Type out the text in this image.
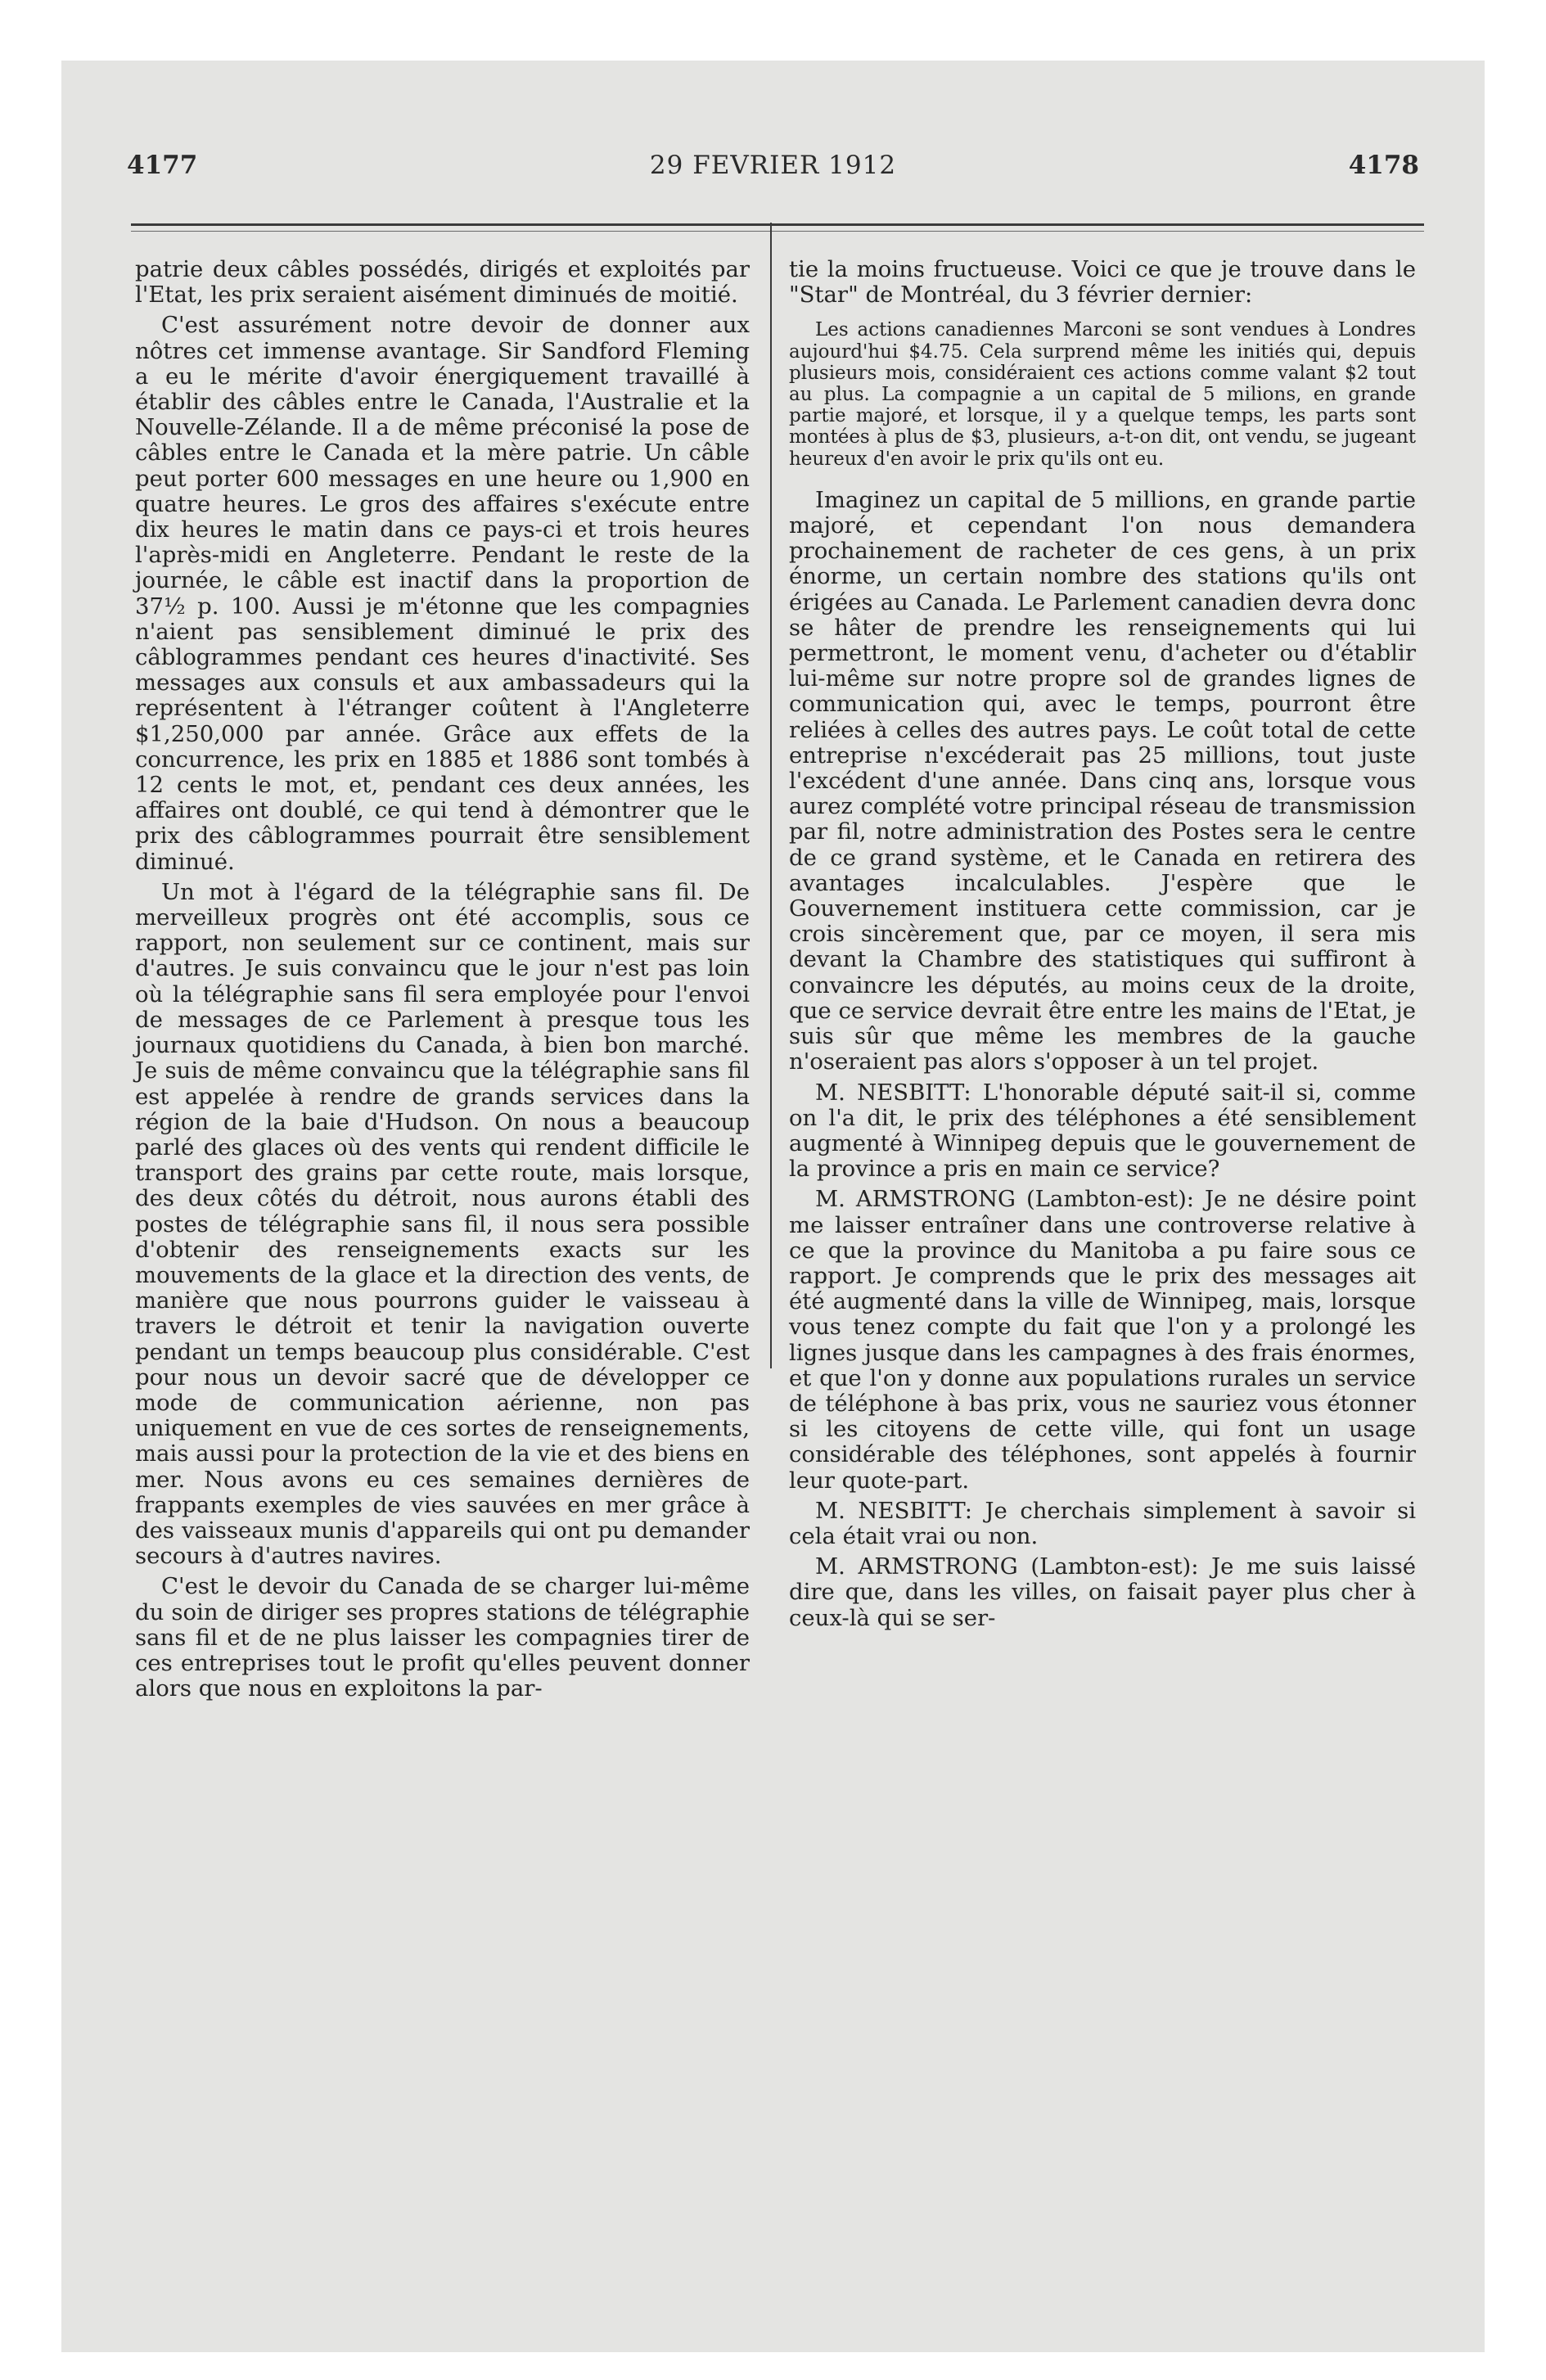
4177	29 FEVRIER 1912	4178

patrie deux câbles possédés, dirigés et exploités par l'Etat, les prix seraient aisément diminués de moitié.

C'est assurément notre devoir de donner aux nôtres cet immense avantage. Sir Sandford Fleming a eu le mérite d'avoir énergiquement travaillé à établir des câbles entre le Canada, l'Australie et la Nouvelle-Zélande. Il a de même préconisé la pose de câbles entre le Canada et la mère patrie. Un câble peut porter 600 messages en une heure ou 1,900 en quatre heures. Le gros des affaires s'exécute entre dix heures le matin dans ce pays-ci et trois heures l'après-midi en Angleterre. Pendant le reste de la journée, le câble est inactif dans la proportion de 37½ p. 100. Aussi je m'étonne que les compagnies n'aient pas sensiblement diminué le prix des câblogrammes pendant ces heures d'inactivité. Ses messages aux consuls et aux ambassadeurs qui la représentent à l'étranger coûtent à l'Angleterre $1,250,000 par année. Grâce aux effets de la concurrence, les prix en 1885 et 1886 sont tombés à 12 cents le mot, et, pendant ces deux années, les affaires ont doublé, ce qui tend à démontrer que le prix des câblogrammes pourrait être sensiblement diminué.

Un mot à l'égard de la télégraphie sans fil. De merveilleux progrès ont été accomplis, sous ce rapport, non seulement sur ce continent, mais sur d'autres. Je suis convaincu que le jour n'est pas loin où la télégraphie sans fil sera employée pour l'envoi de messages de ce Parlement à presque tous les journaux quotidiens du Canada, à bien bon marché. Je suis de même convaincu que la télégraphie sans fil est appelée à rendre de grands services dans la région de la baie d'Hudson. On nous a beaucoup parlé des glaces où des vents qui rendent difficile le transport des grains par cette route, mais lorsque, des deux côtés du détroit, nous aurons établi des postes de télégraphie sans fil, il nous sera possible d'obtenir des renseignements exacts sur les mouvements de la glace et la direction des vents, de manière que nous pourrons guider le vaisseau à travers le détroit et tenir la navigation ouverte pendant un temps beaucoup plus considérable. C'est pour nous un devoir sacré que de développer ce mode de communication aérienne, non pas uniquement en vue de ces sortes de renseignements, mais aussi pour la protection de la vie et des biens en mer. Nous avons eu ces semaines dernières de frappants exemples de vies sauvées en mer grâce à des vaisseaux munis d'appareils qui ont pu demander secours à d'autres navires.

C'est le devoir du Canada de se charger lui-même du soin de diriger ses propres stations de télégraphie sans fil et de ne plus laisser les compagnies tirer de ces entreprises tout le profit qu'elles peuvent donner alors que nous en exploitons la par-

tie la moins fructueuse. Voici ce que je trouve dans le "Star" de Montréal, du 3 février dernier:

Les actions canadiennes Marconi se sont vendues à Londres aujourd'hui $4.75. Cela surprend même les initiés qui, depuis plusieurs mois, considéraient ces actions comme valant $2 tout au plus. La compagnie a un capital de 5 milions, en grande partie majoré, et lorsque, il y a quelque temps, les parts sont montées à plus de $3, plusieurs, a-t-on dit, ont vendu, se jugeant heureux d'en avoir le prix qu'ils ont eu.

Imaginez un capital de 5 millions, en grande partie majoré, et cependant l'on nous demandera prochainement de racheter de ces gens, à un prix énorme, un certain nombre des stations qu'ils ont érigées au Canada. Le Parlement canadien devra donc se hâter de prendre les renseignements qui lui permettront, le moment venu, d'acheter ou d'établir lui-même sur notre propre sol de grandes lignes de communication qui, avec le temps, pourront être reliées à celles des autres pays. Le coût total de cette entreprise n'excéderait pas 25 millions, tout juste l'excédent d'une année. Dans cinq ans, lorsque vous aurez complété votre principal réseau de transmission par fil, notre administration des Postes sera le centre de ce grand système, et le Canada en retirera des avantages incalculables. J'espère que le Gouvernement instituera cette commission, car je crois sincèrement que, par ce moyen, il sera mis devant la Chambre des statistiques qui suffiront à convaincre les députés, au moins ceux de la droite, que ce service devrait être entre les mains de l'Etat, je suis sûr que même les membres de la gauche n'oseraient pas alors s'opposer à un tel projet.

M. NESBITT: L'honorable député sait-il si, comme on l'a dit, le prix des téléphones a été sensiblement augmenté à Winnipeg depuis que le gouvernement de la province a pris en main ce service?

M. ARMSTRONG (Lambton-est): Je ne désire point me laisser entraîner dans une controverse relative à ce que la province du Manitoba a pu faire sous ce rapport. Je comprends que le prix des messages ait été augmenté dans la ville de Winnipeg, mais, lorsque vous tenez compte du fait que l'on y a prolongé les lignes jusque dans les campagnes à des frais énormes, et que l'on y donne aux populations rurales un service de téléphone à bas prix, vous ne sauriez vous étonner si les citoyens de cette ville, qui font un usage considérable des téléphones, sont appelés à fournir leur quote-part.

M. NESBITT: Je cherchais simplement à savoir si cela était vrai ou non.

M. ARMSTRONG (Lambton-est): Je me suis laissé dire que, dans les villes, on faisait payer plus cher à ceux-là qui se ser-
